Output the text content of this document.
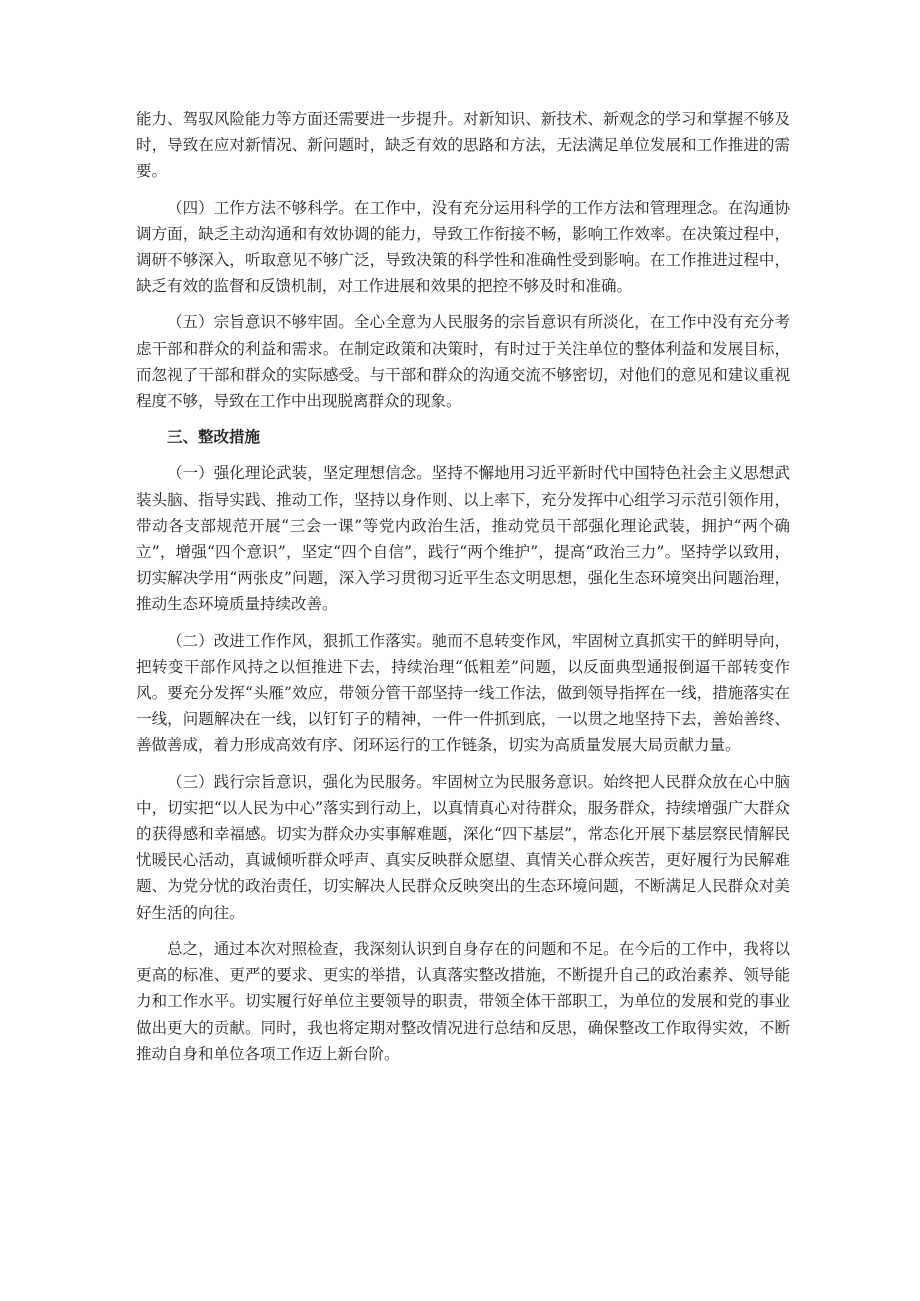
能力、驾驭风险能力等方面还需要进一步提升。对新知识、新技术、新观念的学习和掌握不够及时，导致在应对新情况、新问题时，缺乏有效的思路和方法，无法满足单位发展和工作推进的需要。

（四）工作方法不够科学。在工作中，没有充分运用科学的工作方法和管理理念。在沟通协调方面，缺乏主动沟通和有效协调的能力，导致工作衔接不畅，影响工作效率。在决策过程中，调研不够深入，听取意见不够广泛，导致决策的科学性和准确性受到影响。在工作推进过程中，缺乏有效的监督和反馈机制，对工作进展和效果的把控不够及时和准确。

（五）宗旨意识不够牢固。全心全意为人民服务的宗旨意识有所淡化，在工作中没有充分考虑干部和群众的利益和需求。在制定政策和决策时，有时过于关注单位的整体利益和发展目标，而忽视了干部和群众的实际感受。与干部和群众的沟通交流不够密切，对他们的意见和建议重视程度不够，导致在工作中出现脱离群众的现象。

三、整改措施

（一）强化理论武装，坚定理想信念。坚持不懈地用习近平新时代中国特色社会主义思想武装头脑、指导实践、推动工作，坚持以身作则、以上率下，充分发挥中心组学习示范引领作用，带动各支部规范开展“三会一课”等党内政治生活，推动党员干部强化理论武装，拥护“两个确立”，增强“四个意识”，坚定“四个自信”，践行“两个维护”，提高“政治三力”。坚持学以致用，切实解决学用“两张皮”问题，深入学习贯彻习近平生态文明思想，强化生态环境突出问题治理，推动生态环境质量持续改善。

（二）改进工作作风，狠抓工作落实。驰而不息转变作风，牢固树立真抓实干的鲜明导向，把转变干部作风持之以恒推进下去，持续治理“低粗差”问题，以反面典型通报倒逼干部转变作风。要充分发挥“头雁”效应，带领分管干部坚持一线工作法，做到领导指挥在一线，措施落实在一线，问题解决在一线，以钉钉子的精神，一件一件抓到底，一以贯之地坚持下去，善始善终、善做善成，着力形成高效有序、闭环运行的工作链条，切实为高质量发展大局贡献力量。

（三）践行宗旨意识，强化为民服务。牢固树立为民服务意识。始终把人民群众放在心中脑中，切实把“以人民为中心”落实到行动上，以真情真心对待群众，服务群众，持续增强广大群众的获得感和幸福感。切实为群众办实事解难题，深化“四下基层”，常态化开展下基层察民情解民忧暖民心活动，真诚倾听群众呼声、真实反映群众愿望、真情关心群众疾苦，更好履行为民解难题、为党分忧的政治责任，切实解决人民群众反映突出的生态环境问题，不断满足人民群众对美好生活的向往。

总之，通过本次对照检查，我深刻认识到自身存在的问题和不足。在今后的工作中，我将以更高的标准、更严的要求、更实的举措，认真落实整改措施，不断提升自己的政治素养、领导能力和工作水平。切实履行好单位主要领导的职责，带领全体干部职工，为单位的发展和党的事业做出更大的贡献。同时，我也将定期对整改情况进行总结和反思，确保整改工作取得实效，不断推动自身和单位各项工作迈上新台阶。
